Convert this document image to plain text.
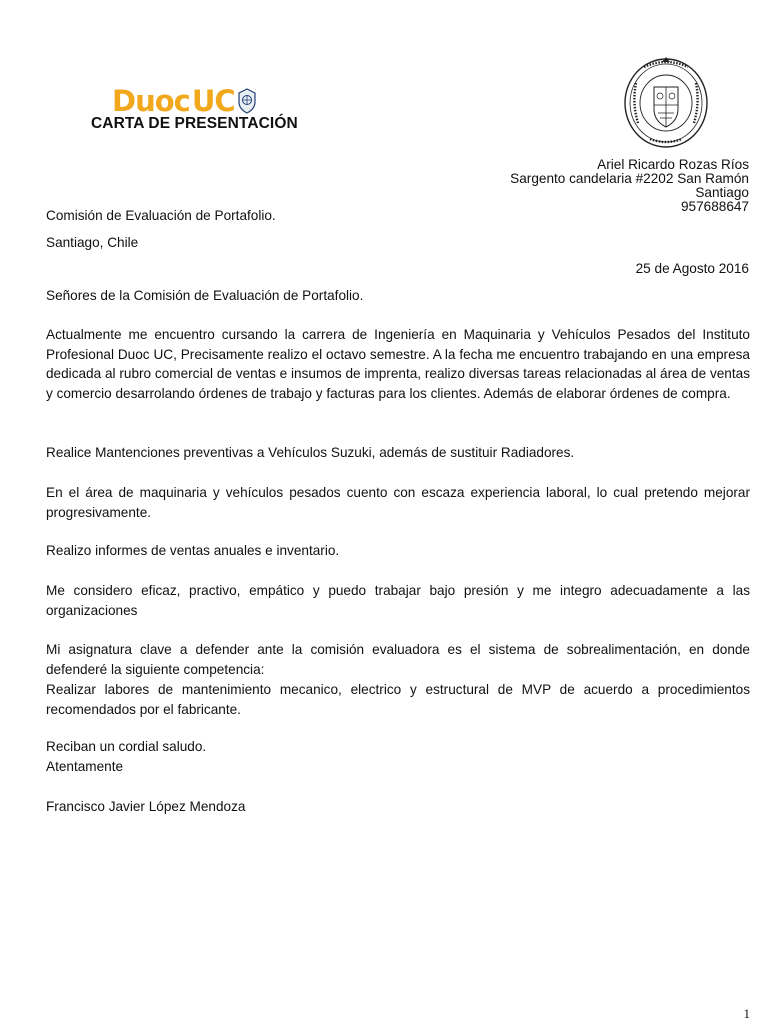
Duoc UC
CARTA DE PRESENTACIÓN
Ariel Ricardo Rozas Ríos
Sargento candelaria #2202 San Ramón
Santiago
957688647
Comisión de Evaluación de Portafolio.
Santiago, Chile
25 de Agosto 2016
Señores de la Comisión de Evaluación de Portafolio.
Actualmente me encuentro cursando la carrera de Ingeniería en Maquinaria y Vehículos Pesados del Instituto Profesional Duoc UC, Precisamente realizo el octavo semestre. A la fecha me encuentro trabajando en una empresa dedicada al rubro comercial de ventas e insumos de imprenta, realizo diversas tareas relacionadas al área de ventas y comercio desarrolando órdenes de trabajo y facturas para los clientes. Además de elaborar órdenes de compra.
Realice Mantenciones preventivas a Vehículos Suzuki, además de sustituir Radiadores.
En el área de maquinaria y vehículos pesados cuento con escaza experiencia laboral, lo cual pretendo mejorar progresivamente.
Realizo informes de ventas anuales e inventario.
Me considero eficaz, practivo, empático y puedo trabajar bajo presión y me integro adecuadamente a las organizaciones
Mi asignatura clave a defender ante la comisión evaluadora es el sistema de sobrealimentación, en donde defenderé la siguiente competencia:
Realizar labores de mantenimiento mecanico, electrico y estructural de MVP de acuerdo a procedimientos recomendados por el fabricante.
Reciban un cordial saludo.
Atentamente
Francisco Javier López Mendoza
1
